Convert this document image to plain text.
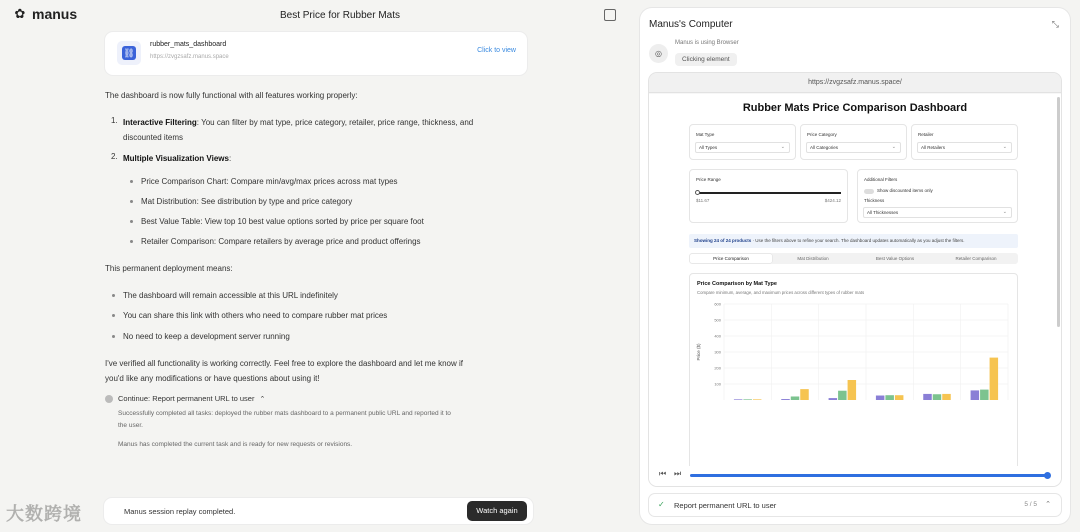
✿ manus	Best Price for Rubber Mats
⛓
rubber_mats_dashboard
https://zvgzsafz.manus.space
Click to view
The dashboard is now fully functional with all features working properly:
1. Interactive Filtering: You can filter by mat type, price category, retailer, price range, thickness, and
discounted items
2. Multiple Visualization Views:
Price Comparison Chart: Compare min/avg/max prices across mat types
Mat Distribution: See distribution by type and price category
Best Value Table: View top 10 best value options sorted by price per square foot
Retailer Comparison: Compare retailers by average price and product offerings
This permanent deployment means:
The dashboard will remain accessible at this URL indefinitely
You can share this link with others who need to compare rubber mat prices
No need to keep a development server running
I've verified all functionality is working correctly. Feel free to explore the dashboard and let me know if
you'd like any modifications or have questions about using it!
Continue: Report permanent URL to user ⌃
Successfully completed all tasks: deployed the rubber mats dashboard to a permanent public URL and reported it to
the user.
Manus has completed the current task and is ready for new requests or revisions.
Manus session replay completed.	Watch again
大数跨境
Manus's Computer	⤡
◎
Manus is using Browser
Clicking element
https://zvgzsafz.manus.space/
Rubber Mats Price Comparison Dashboard
Mat Type
All Types	⌄
Price Category
All Categories	⌄
Retailer
All Retailers	⌄
Price Range
$11.67	$424.12
Additional Filters
Show discounted items only
Thickness
All Thicknesses	⌄
Showing 24 of 24 products · Use the filters above to refine your search. The dashboard updates automatically as you adjust the filters.
Price Comparison	Mat Distribution	Best Value Options	Retailer Comparison
Price Comparison by Mat Type
Compare minimum, average, and maximum prices across different types of rubber mats
Price ($)
100
200
300
400
500
600
⏮ ⏭
✓ Report permanent URL to user	5 / 5 ⌃
